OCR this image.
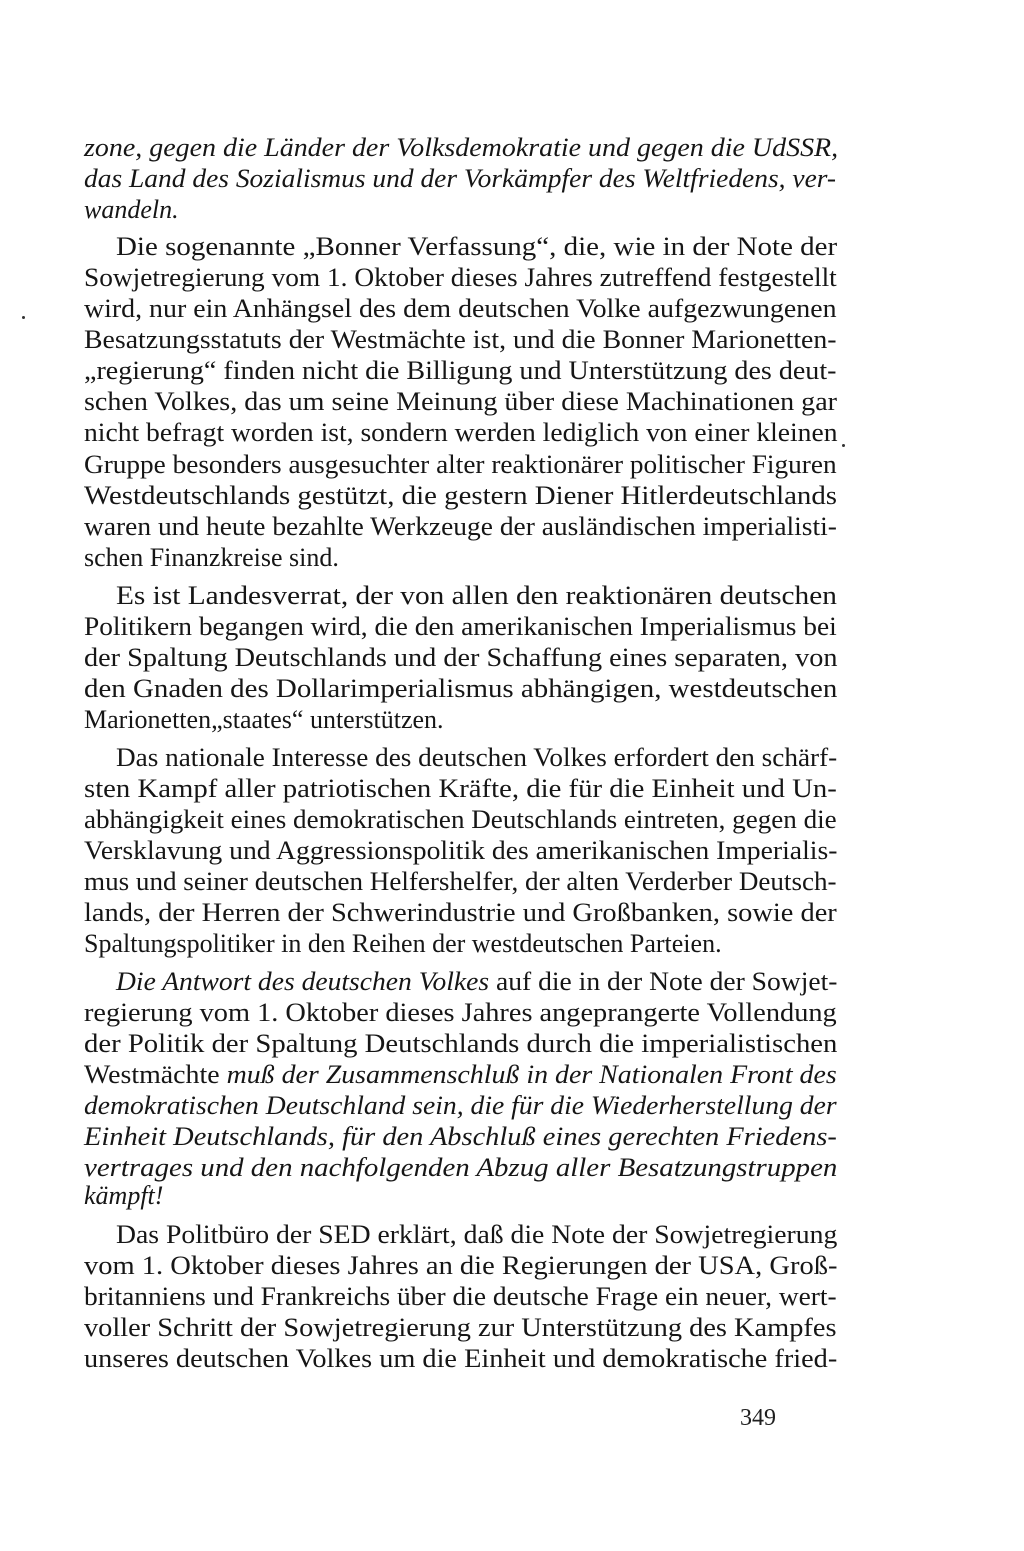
zone, gegen die Länder der Volksdemokratie und gegen die UdSSR,
das Land des Sozialismus und der Vorkämpfer des Weltfriedens, ver-
wandeln.
Die sogenannte „Bonner Verfassung“, die, wie in der Note der
Sowjetregierung vom 1. Oktober dieses Jahres zutreffend festgestellt
wird, nur ein Anhängsel des dem deutschen Volke aufgezwungenen
Besatzungsstatuts der Westmächte ist, und die Bonner Marionetten-
„regierung“ finden nicht die Billigung und Unterstützung des deut-
schen Volkes, das um seine Meinung über diese Machinationen gar
nicht befragt worden ist, sondern werden lediglich von einer kleinen
Gruppe besonders ausgesuchter alter reaktionärer politischer Figuren
Westdeutschlands gestützt, die gestern Diener Hitlerdeutschlands
waren und heute bezahlte Werkzeuge der ausländischen imperialisti-
schen Finanzkreise sind.
Es ist Landesverrat, der von allen den reaktionären deutschen
Politikern begangen wird, die den amerikanischen Imperialismus bei
der Spaltung Deutschlands und der Schaffung eines separaten, von
den Gnaden des Dollarimperialismus abhängigen, westdeutschen
Marionetten„staates“ unterstützen.
Das nationale Interesse des deutschen Volkes erfordert den schärf-
sten Kampf aller patriotischen Kräfte, die für die Einheit und Un-
abhängigkeit eines demokratischen Deutschlands eintreten, gegen die
Versklavung und Aggressionspolitik des amerikanischen Imperialis-
mus und seiner deutschen Helfershelfer, der alten Verderber Deutsch-
lands, der Herren der Schwerindustrie und Großbanken, sowie der
Spaltungspolitiker in den Reihen der westdeutschen Parteien.
Die Antwort des deutschen Volkes auf die in der Note der Sowjet-
regierung vom 1. Oktober dieses Jahres angeprangerte Vollendung
der Politik der Spaltung Deutschlands durch die imperialistischen
Westmächte muß der Zusammenschluß in der Nationalen Front des
demokratischen Deutschland sein, die für die Wiederherstellung der
Einheit Deutschlands, für den Abschluß eines gerechten Friedens-
vertrages und den nachfolgenden Abzug aller Besatzungstruppen
kämpft!
Das Politbüro der SED erklärt, daß die Note der Sowjetregierung
vom 1. Oktober dieses Jahres an die Regierungen der USA, Groß-
britanniens und Frankreichs über die deutsche Frage ein neuer, wert-
voller Schritt der Sowjetregierung zur Unterstützung des Kampfes
unseres deutschen Volkes um die Einheit und demokratische fried-
349
